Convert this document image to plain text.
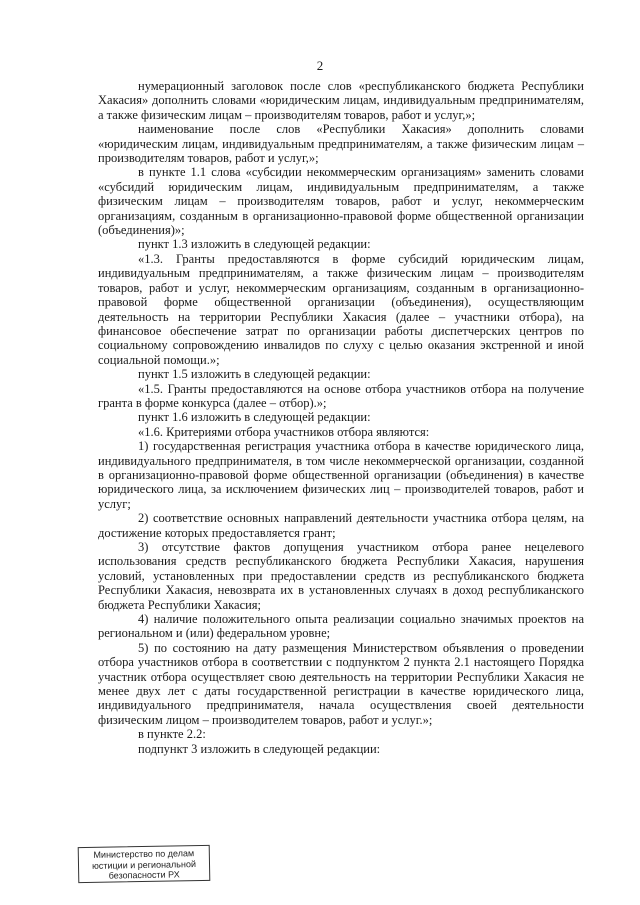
2

нумерационный заголовок после слов «республиканского бюджета Республики Хакасия» дополнить словами «юридическим лицам, индивидуальным предпринимателям, а также физическим лицам – производителям товаров, работ и услуг,»;

наименование после слов «Республики Хакасия» дополнить словами «юридическим лицам, индивидуальным предпринимателям, а также физическим лицам – производителям товаров, работ и услуг,»;

в пункте 1.1 слова «субсидии некоммерческим организациям» заменить словами «субсидий юридическим лицам, индивидуальным предпринимателям, а также физическим лицам – производителям товаров, работ и услуг, некоммерческим организациям, созданным в организационно-правовой форме общественной организации (объединения)»;

пункт 1.3 изложить в следующей редакции:

«1.3. Гранты предоставляются в форме субсидий юридическим лицам, индивидуальным предпринимателям, а также физическим лицам – производителям товаров, работ и услуг, некоммерческим организациям, созданным в организационно-правовой форме общественной организации (объединения), осуществляющим деятельность на территории Республики Хакасия (далее – участники отбора), на финансовое обеспечение затрат по организации работы диспетчерских центров по социальному сопровождению инвалидов по слуху с целью оказания экстренной и иной социальной помощи.»;

пункт 1.5 изложить в следующей редакции:

«1.5. Гранты предоставляются на основе отбора участников отбора на получение гранта в форме конкурса (далее – отбор).»;

пункт 1.6 изложить в следующей редакции:

«1.6. Критериями отбора участников отбора являются:

1) государственная регистрация участника отбора в качестве юридического лица, индивидуального предпринимателя, в том числе некоммерческой организации, созданной в организационно-правовой форме общественной организации (объединения) в качестве юридического лица, за исключением физических лиц – производителей товаров, работ и услуг;

2) соответствие основных направлений деятельности участника отбора целям, на достижение которых предоставляется грант;

3) отсутствие фактов допущения участником отбора ранее нецелевого использования средств республиканского бюджета Республики Хакасия, нарушения условий, установленных при предоставлении средств из республиканского бюджета Республики Хакасия, невозврата их в установленных случаях в доход республиканского бюджета Республики Хакасия;

4) наличие положительного опыта реализации социально значимых проектов на региональном и (или) федеральном уровне;

5) по состоянию на дату размещения Министерством объявления о проведении отбора участников отбора в соответствии с подпунктом 2 пункта 2.1 настоящего Порядка участник отбора осуществляет свою деятельность на территории Республики Хакасия не менее двух лет с даты государственной регистрации в качестве юридического лица, индивидуального предпринимателя, начала осуществления своей деятельности физическим лицом – производителем товаров, работ и услуг.»;

в пункте 2.2:

подпункт 3 изложить в следующей редакции:

Министерство по делам
юстиции и региональной
безопасности РХ
